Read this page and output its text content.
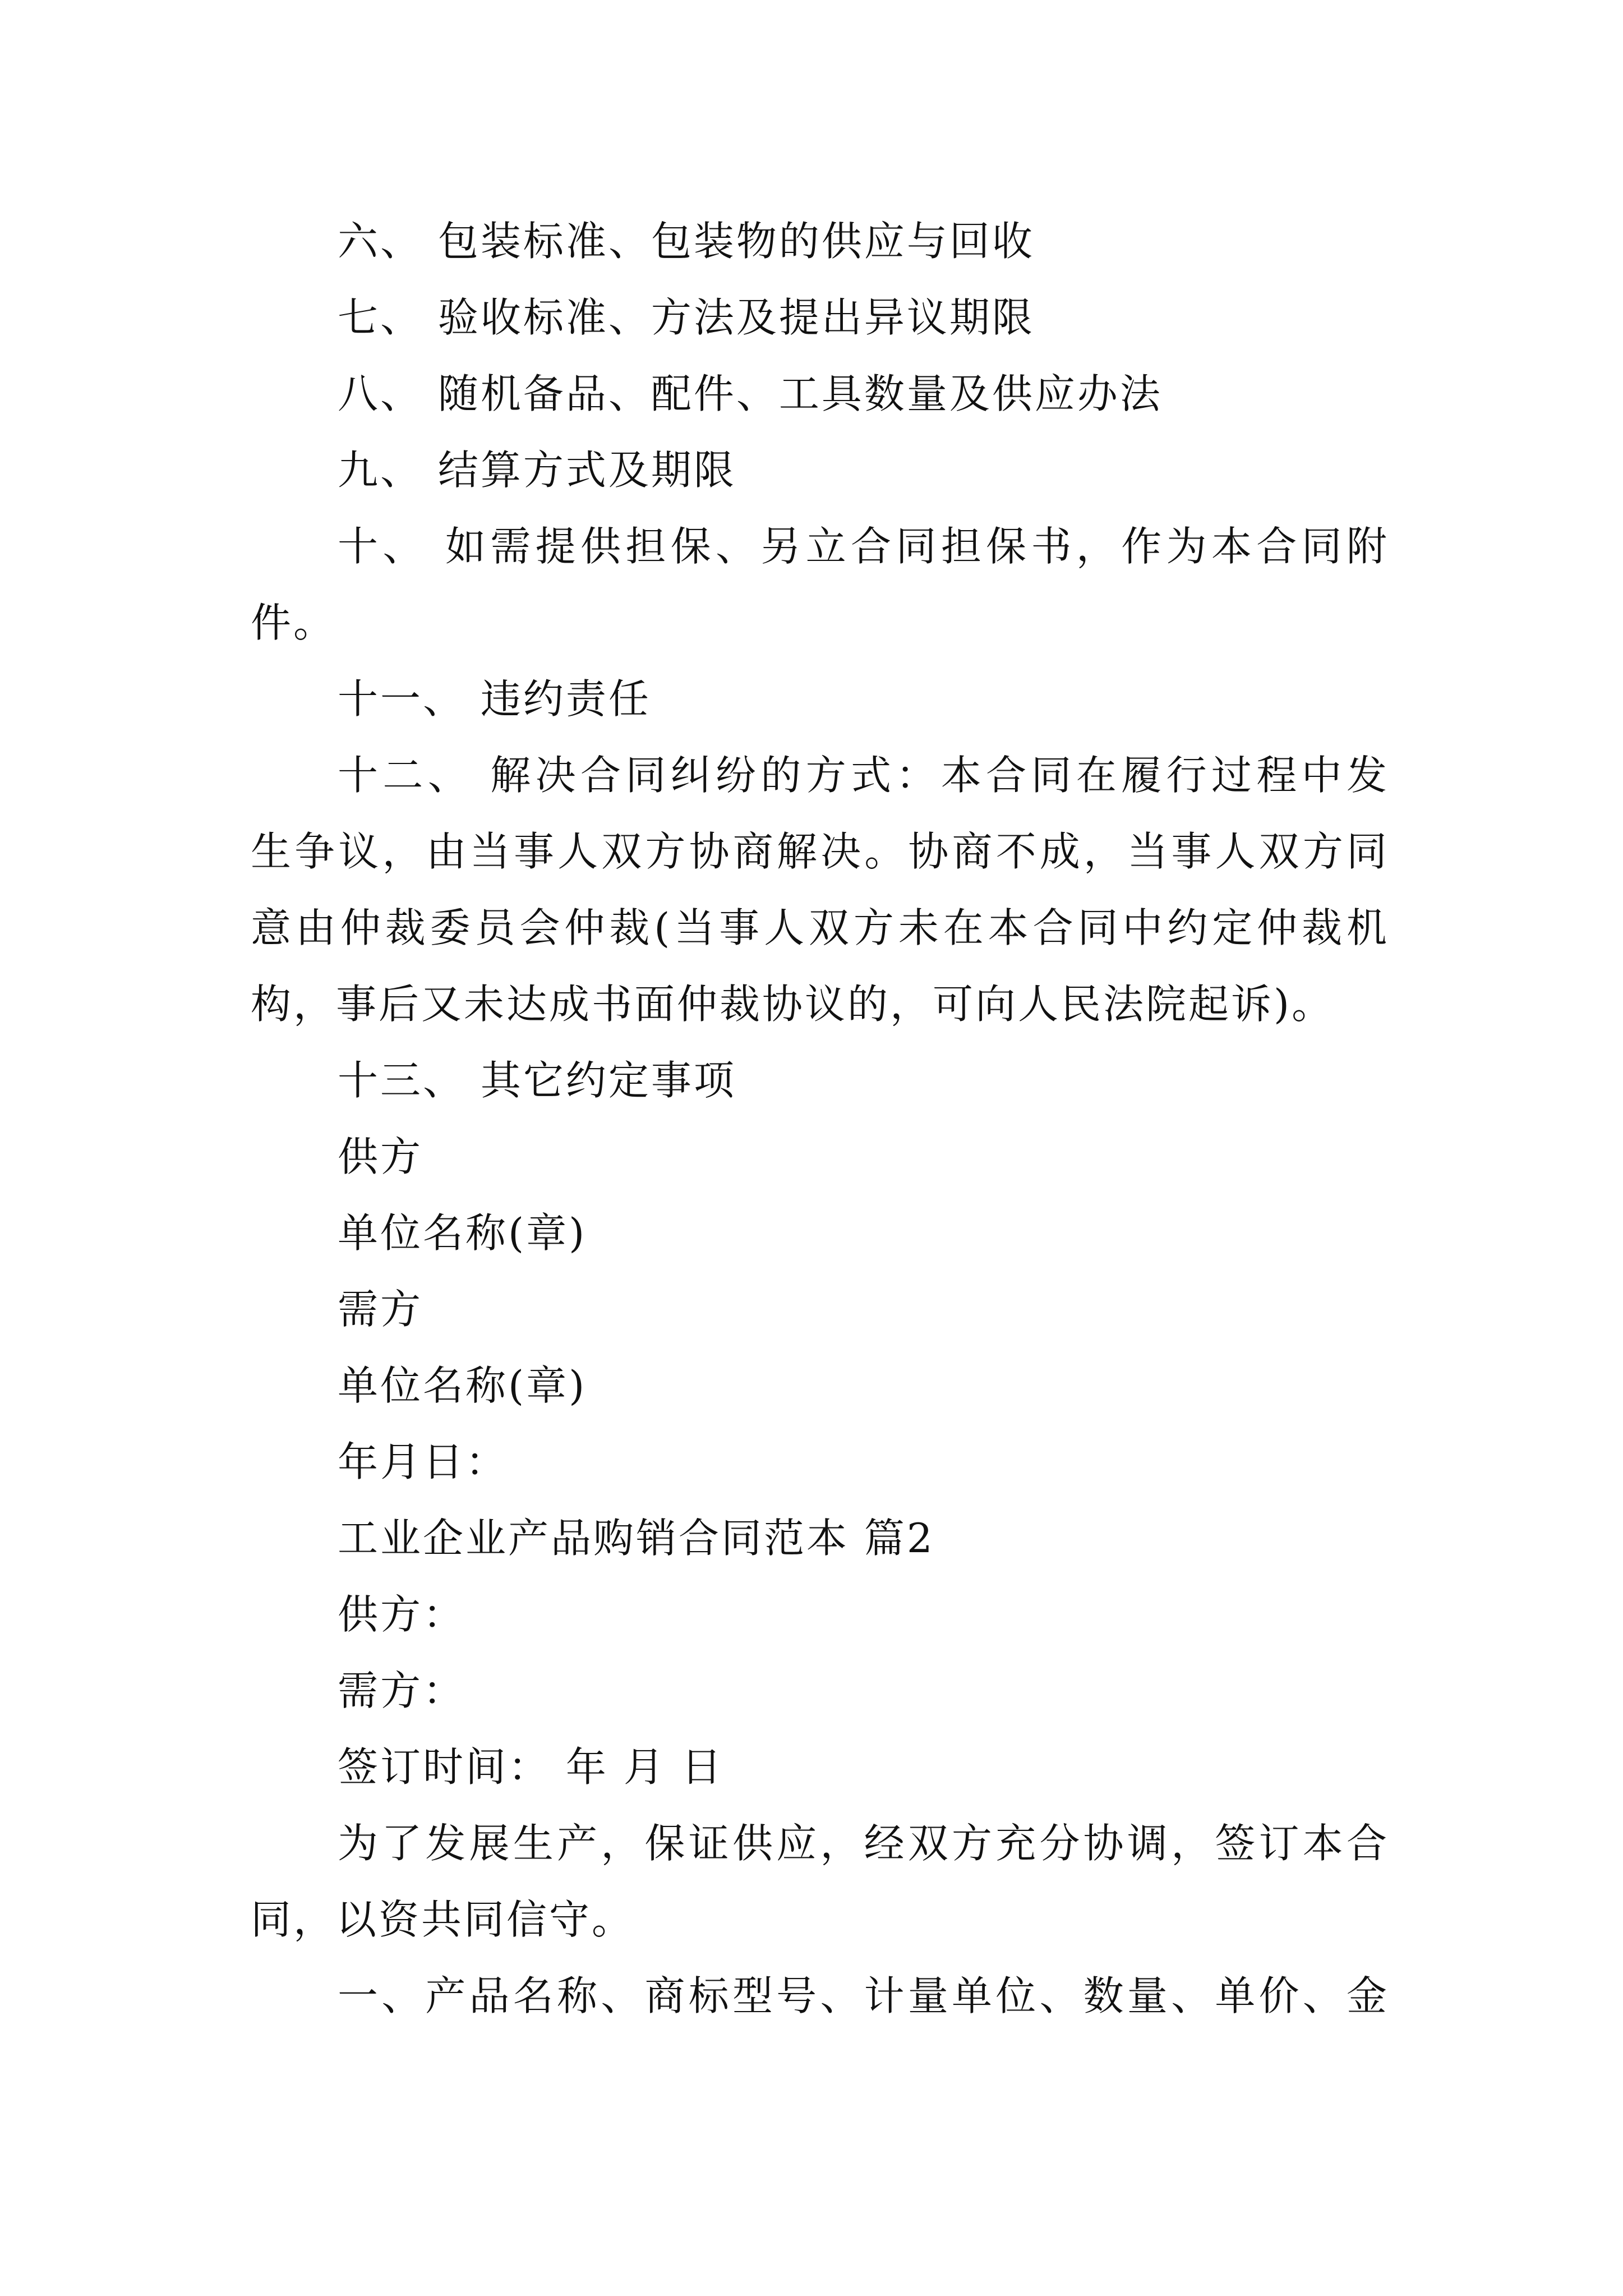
六、 包装标准、包装物的供应与回收
七、 验收标准、方法及提出异议期限
八、 随机备品、配件、工具数量及供应办法
九、 结算方式及期限
十、 如需提供担保、另立合同担保书，作为本合同附
件。
十一、 违约责任
十二、 解决合同纠纷的方式：本合同在履行过程中发
生争议，由当事人双方协商解决。协商不成，当事人双方同
意由仲裁委员会仲裁(当事人双方未在本合同中约定仲裁机
构，事后又未达成书面仲裁协议的，可向人民法院起诉)。
十三、 其它约定事项
供方
单位名称(章)
需方
单位名称(章)
年月日：
工业企业产品购销合同范本 篇2
供方：
需方：
签订时间： 年 月 日
为了发展生产，保证供应，经双方充分协调，签订本合
同，以资共同信守。
一、产品名称、商标型号、计量单位、数量、单价、金
